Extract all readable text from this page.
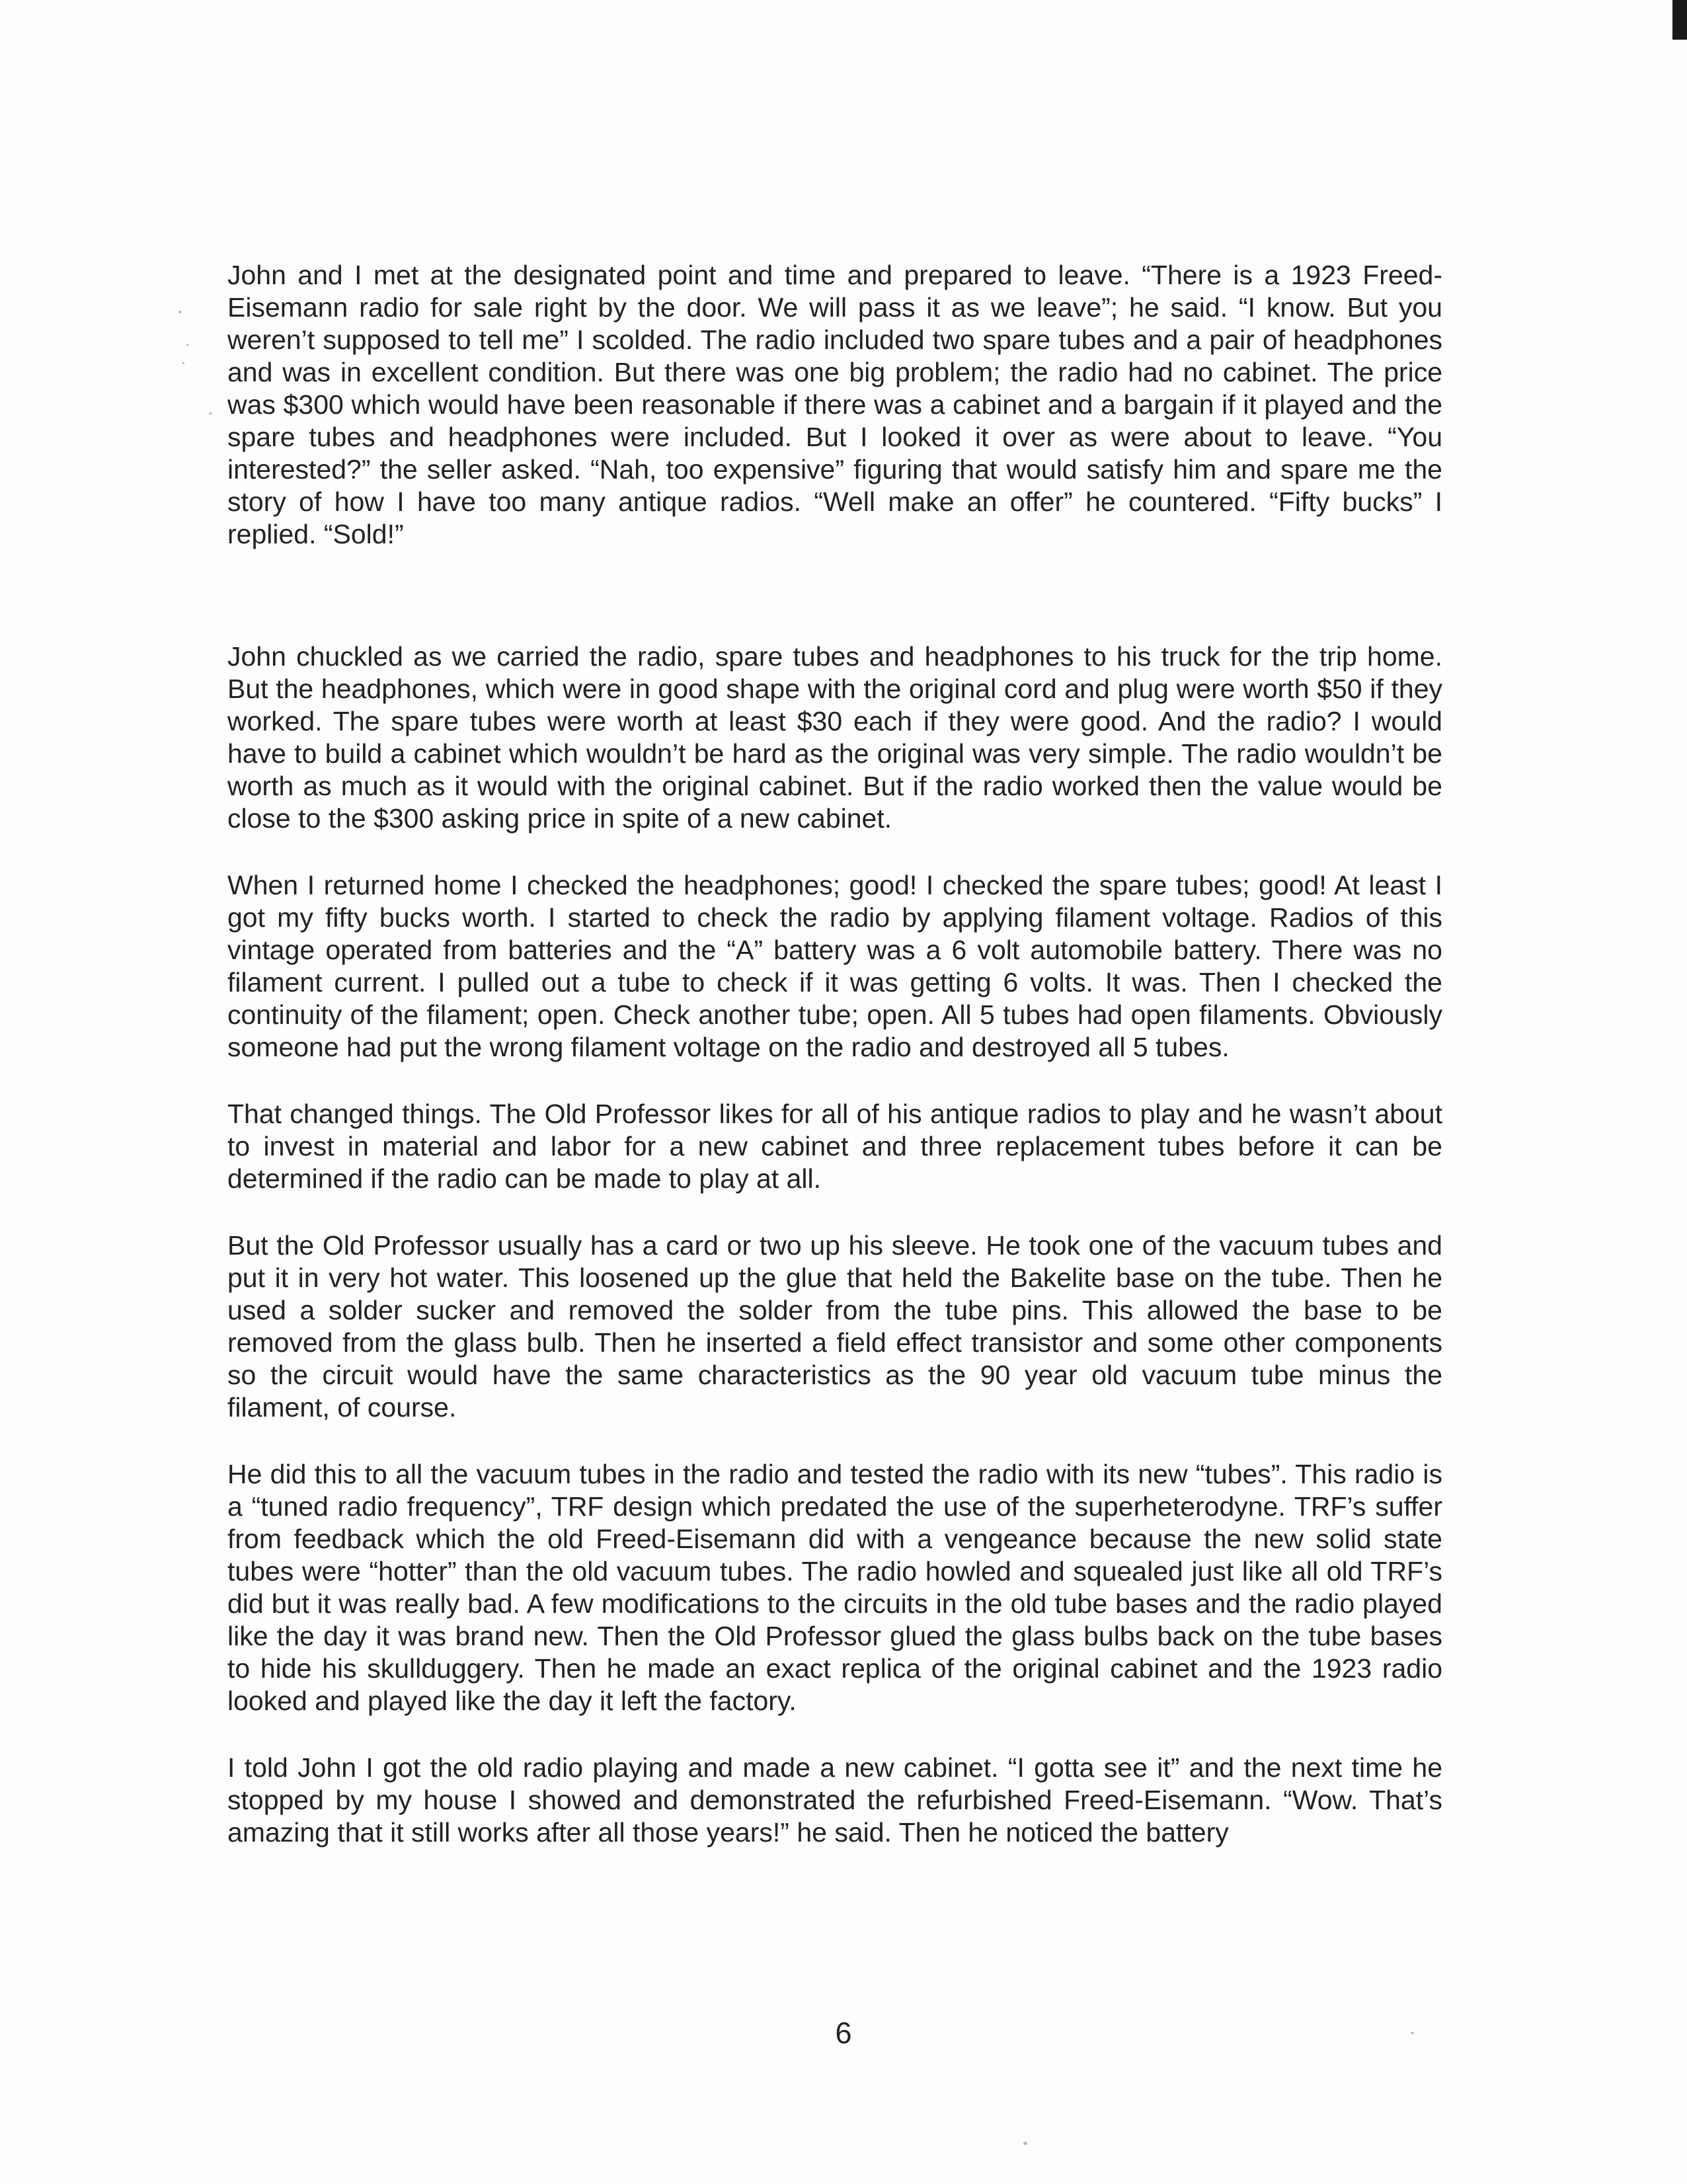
John and I met at the designated point and time and prepared to leave. “There is a 1923 Freed-Eisemann radio for sale right by the door. We will pass it as we leave”; he said. “I know. But you weren’t supposed to tell me” I scolded. The radio included two spare tubes and a pair of headphones and was in excellent condition. But there was one big problem; the radio had no cabinet. The price was $300 which would have been reasonable if there was a cabinet and a bargain if it played and the spare tubes and headphones were included. But I looked it over as were about to leave. “You interested?” the seller asked. “Nah, too expensive” figuring that would satisfy him and spare me the story of how I have too many antique radios. “Well make an offer” he countered. “Fifty bucks” I replied. “Sold!”

John chuckled as we carried the radio, spare tubes and headphones to his truck for the trip home. But the headphones, which were in good shape with the original cord and plug were worth $50 if they worked. The spare tubes were worth at least $30 each if they were good. And the radio? I would have to build a cabinet which wouldn’t be hard as the original was very simple. The radio wouldn’t be worth as much as it would with the original cabinet. But if the radio worked then the value would be close to the $300 asking price in spite of a new cabinet.

When I returned home I checked the headphones; good! I checked the spare tubes; good! At least I got my fifty bucks worth. I started to check the radio by applying filament voltage. Radios of this vintage operated from batteries and the “A” battery was a 6 volt automobile battery. There was no filament current. I pulled out a tube to check if it was getting 6 volts. It was. Then I checked the continuity of the filament; open. Check another tube; open. All 5 tubes had open filaments. Obviously someone had put the wrong filament voltage on the radio and destroyed all 5 tubes.

That changed things. The Old Professor likes for all of his antique radios to play and he wasn’t about to invest in material and labor for a new cabinet and three replacement tubes before it can be determined if the radio can be made to play at all.

But the Old Professor usually has a card or two up his sleeve. He took one of the vacuum tubes and put it in very hot water. This loosened up the glue that held the Bakelite base on the tube. Then he used a solder sucker and removed the solder from the tube pins. This allowed the base to be removed from the glass bulb. Then he inserted a field effect transistor and some other components so the circuit would have the same characteristics as the 90 year old vacuum tube minus the filament, of course.

He did this to all the vacuum tubes in the radio and tested the radio with its new “tubes”. This radio is a “tuned radio frequency”, TRF design which predated the use of the superheterodyne. TRF’s suffer from feedback which the old Freed-Eisemann did with a vengeance because the new solid state tubes were “hotter” than the old vacuum tubes. The radio howled and squealed just like all old TRF’s did but it was really bad. A few modifications to the circuits in the old tube bases and the radio played like the day it was brand new. Then the Old Professor glued the glass bulbs back on the tube bases to hide his skullduggery. Then he made an exact replica of the original cabinet and the 1923 radio looked and played like the day it left the factory.

I told John I got the old radio playing and made a new cabinet. “I gotta see it” and the next time he stopped by my house I showed and demonstrated the refurbished Freed-Eisemann. “Wow. That’s amazing that it still works after all those years!” he said. Then he noticed the battery

6
